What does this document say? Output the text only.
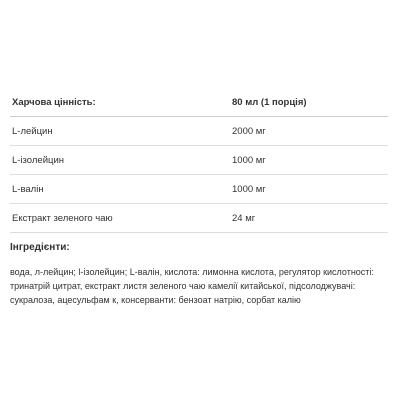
Харчова цінність:	80 мл (1 порція)
L-лейцин	2000 мг
L-ізолейцин	1000 мг
L-валін	1000 мг
Екстракт зеленого чаю	24 мг
Інгредієнти:

вода, л-лейцин; l-ізолейцин; L-валін, кислота: лимонна кислота, регулятор кислотності:
тринатрій цитрат, екстракт листя зеленого чаю камелії китайської, підсолоджувачі:
сукралоза, ацесульфам к, консерванти: бензоат натрію, сорбат калію
